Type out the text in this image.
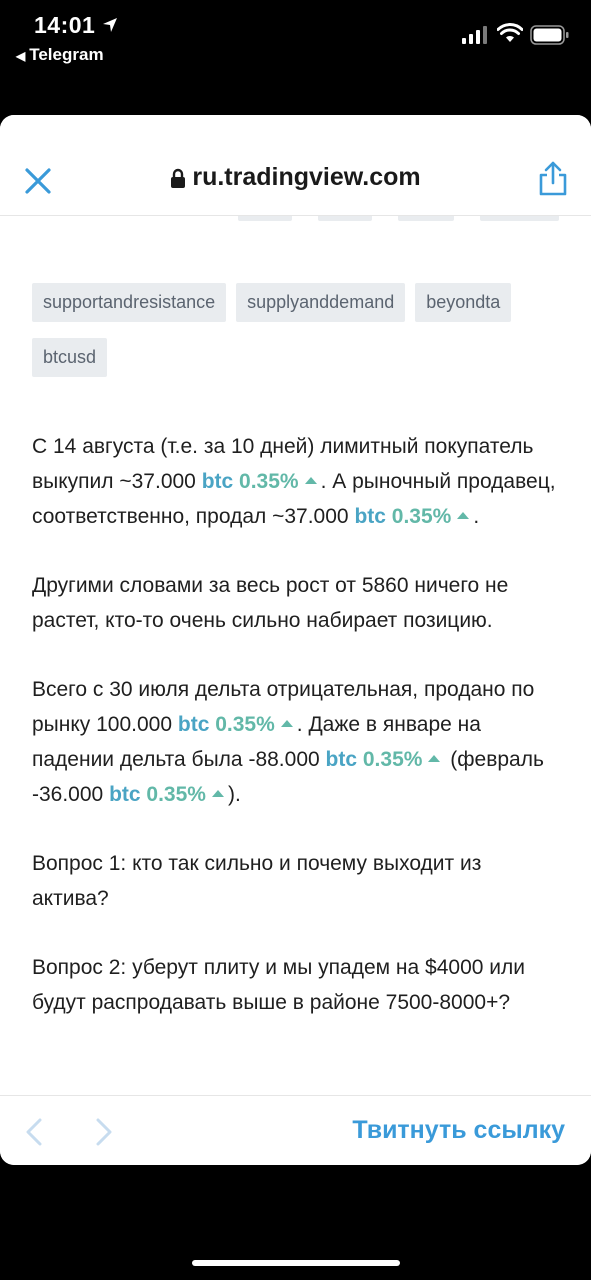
14:01
◀ Telegram
ru.tradingview.com
supportandresistance supplyanddemand beyondtabtcusd

С 14 августа (т.е. за 10 дней) лимитный покупатель выкупил ~37.000 btc 0.35% . А рыночный продавец, соответственно, продал ~37.000 btc 0.35% .

Другими словами за весь рост от 5860 ничего не растет, кто-то очень сильно набирает позицию.

Всего с 30 июля дельта отрицательная, продано по рынку 100.000 btc 0.35% . Даже в январе на падении дельта была -88.000 btc 0.35% (февраль -36.000 btc 0.35% ).

Вопрос 1: кто так сильно и почему выходит из актива?

Вопрос 2: уберут плиту и мы упадем на $4000 или будут распродавать выше в районе 7500-8000+?

Твитнуть ссылку
